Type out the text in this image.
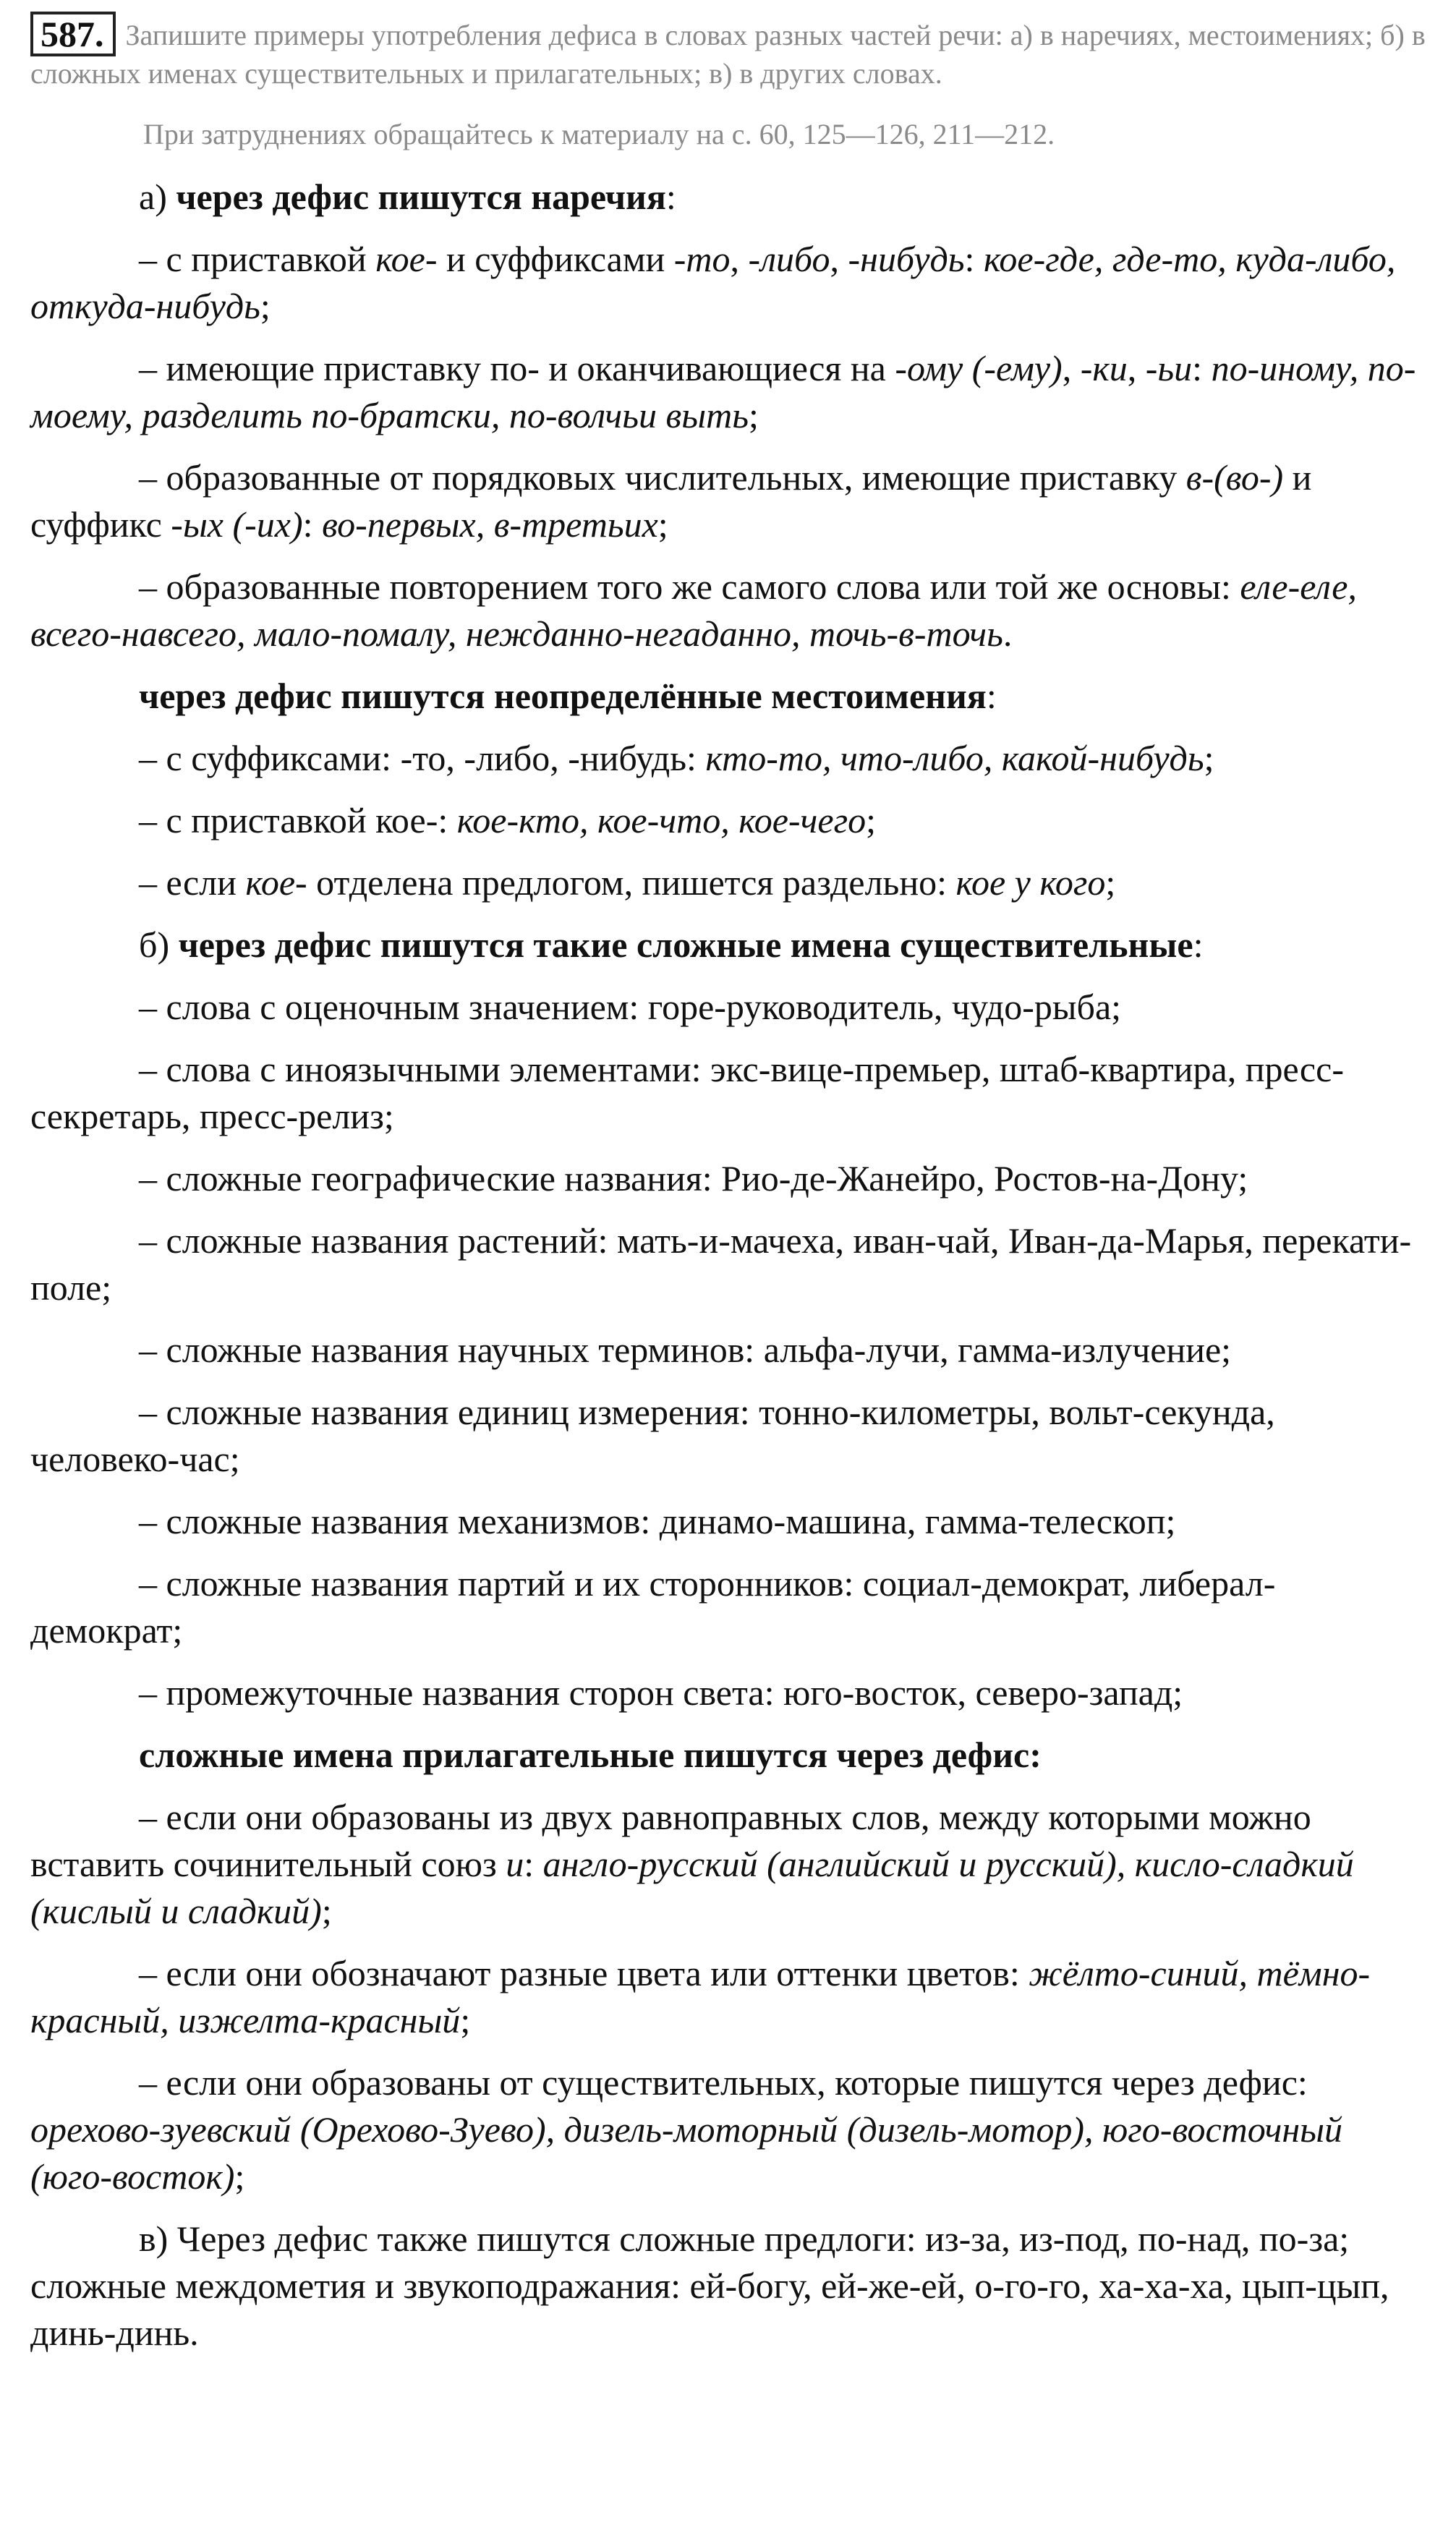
587. Запишите примеры употребления дефиса в словах разных частей речи: а) в наречиях, местоимениях; б) в сложных именах существительных и прилагательных; в) в других словах.

При затруднениях обращайтесь к материалу на с. 60, 125—126, 211—212.

а) через дефис пишутся наречия:

– с приставкой кое- и суффиксами -то, -либо, -нибудь: кое-где, где-то, куда-либо, откуда-нибудь;

– имеющие приставку по- и оканчивающиеся на -ому (-ему), -ки, -ьи: по-иному, по-моему, разделить по-братски, по-волчьи выть;

– образованные от порядковых числительных, имеющие приставку в-(во-) и суффикс -ых (-их): во-первых, в-третьих;

– образованные повторением того же самого слова или той же основы: еле-еле, всего-навсего, мало-помалу, нежданно-негаданно, точь-в-точь.

через дефис пишутся неопределённые местоимения:

– с суффиксами: -то, -либо, -нибудь: кто-то, что-либо, какой-нибудь;

– с приставкой кое-: кое-кто, кое-что, кое-чего;

– если кое- отделена предлогом, пишется раздельно: кое у кого;

б) через дефис пишутся такие сложные имена существительные:

– слова с оценочным значением: горе-руководитель, чудо-рыба;

– слова с иноязычными элементами: экс-вице-премьер, штаб-квартира, пресс-секретарь, пресс-релиз;

– сложные географические названия: Рио-де-Жанейро, Ростов-на-Дону;

– сложные названия растений: мать-и-мачеха, иван-чай, Иван-да-Марья, перекати-поле;

– сложные названия научных терминов: альфа-лучи, гамма-излучение;

– сложные названия единиц измерения: тонно-километры, вольт-секунда, человеко-час;

– сложные названия механизмов: динамо-машина, гамма-телескоп;

– сложные названия партий и их сторонников: социал-демократ, либерал-демократ;

– промежуточные названия сторон света: юго-восток, северо-запад;

сложные имена прилагательные пишутся через дефис:

– если они образованы из двух равноправных слов, между которыми можно вставить сочинительный союз и: англо-русский (английский и русский), кисло-сладкий (кислый и сладкий);

– если они обозначают разные цвета или оттенки цветов: жёлто-синий, тёмно-красный, изжелта-красный;

– если они образованы от существительных, которые пишутся через дефис: орехово-зуевский (Орехово-Зуево), дизель-моторный (дизель-мотор), юго-восточный (юго-восток);

в) Через дефис также пишутся сложные предлоги: из-за, из-под, по-над, по-за; сложные междометия и звукоподражания: ей-богу, ей-же-ей, о-го-го, ха-ха-ха, цып-цып, динь-динь.
